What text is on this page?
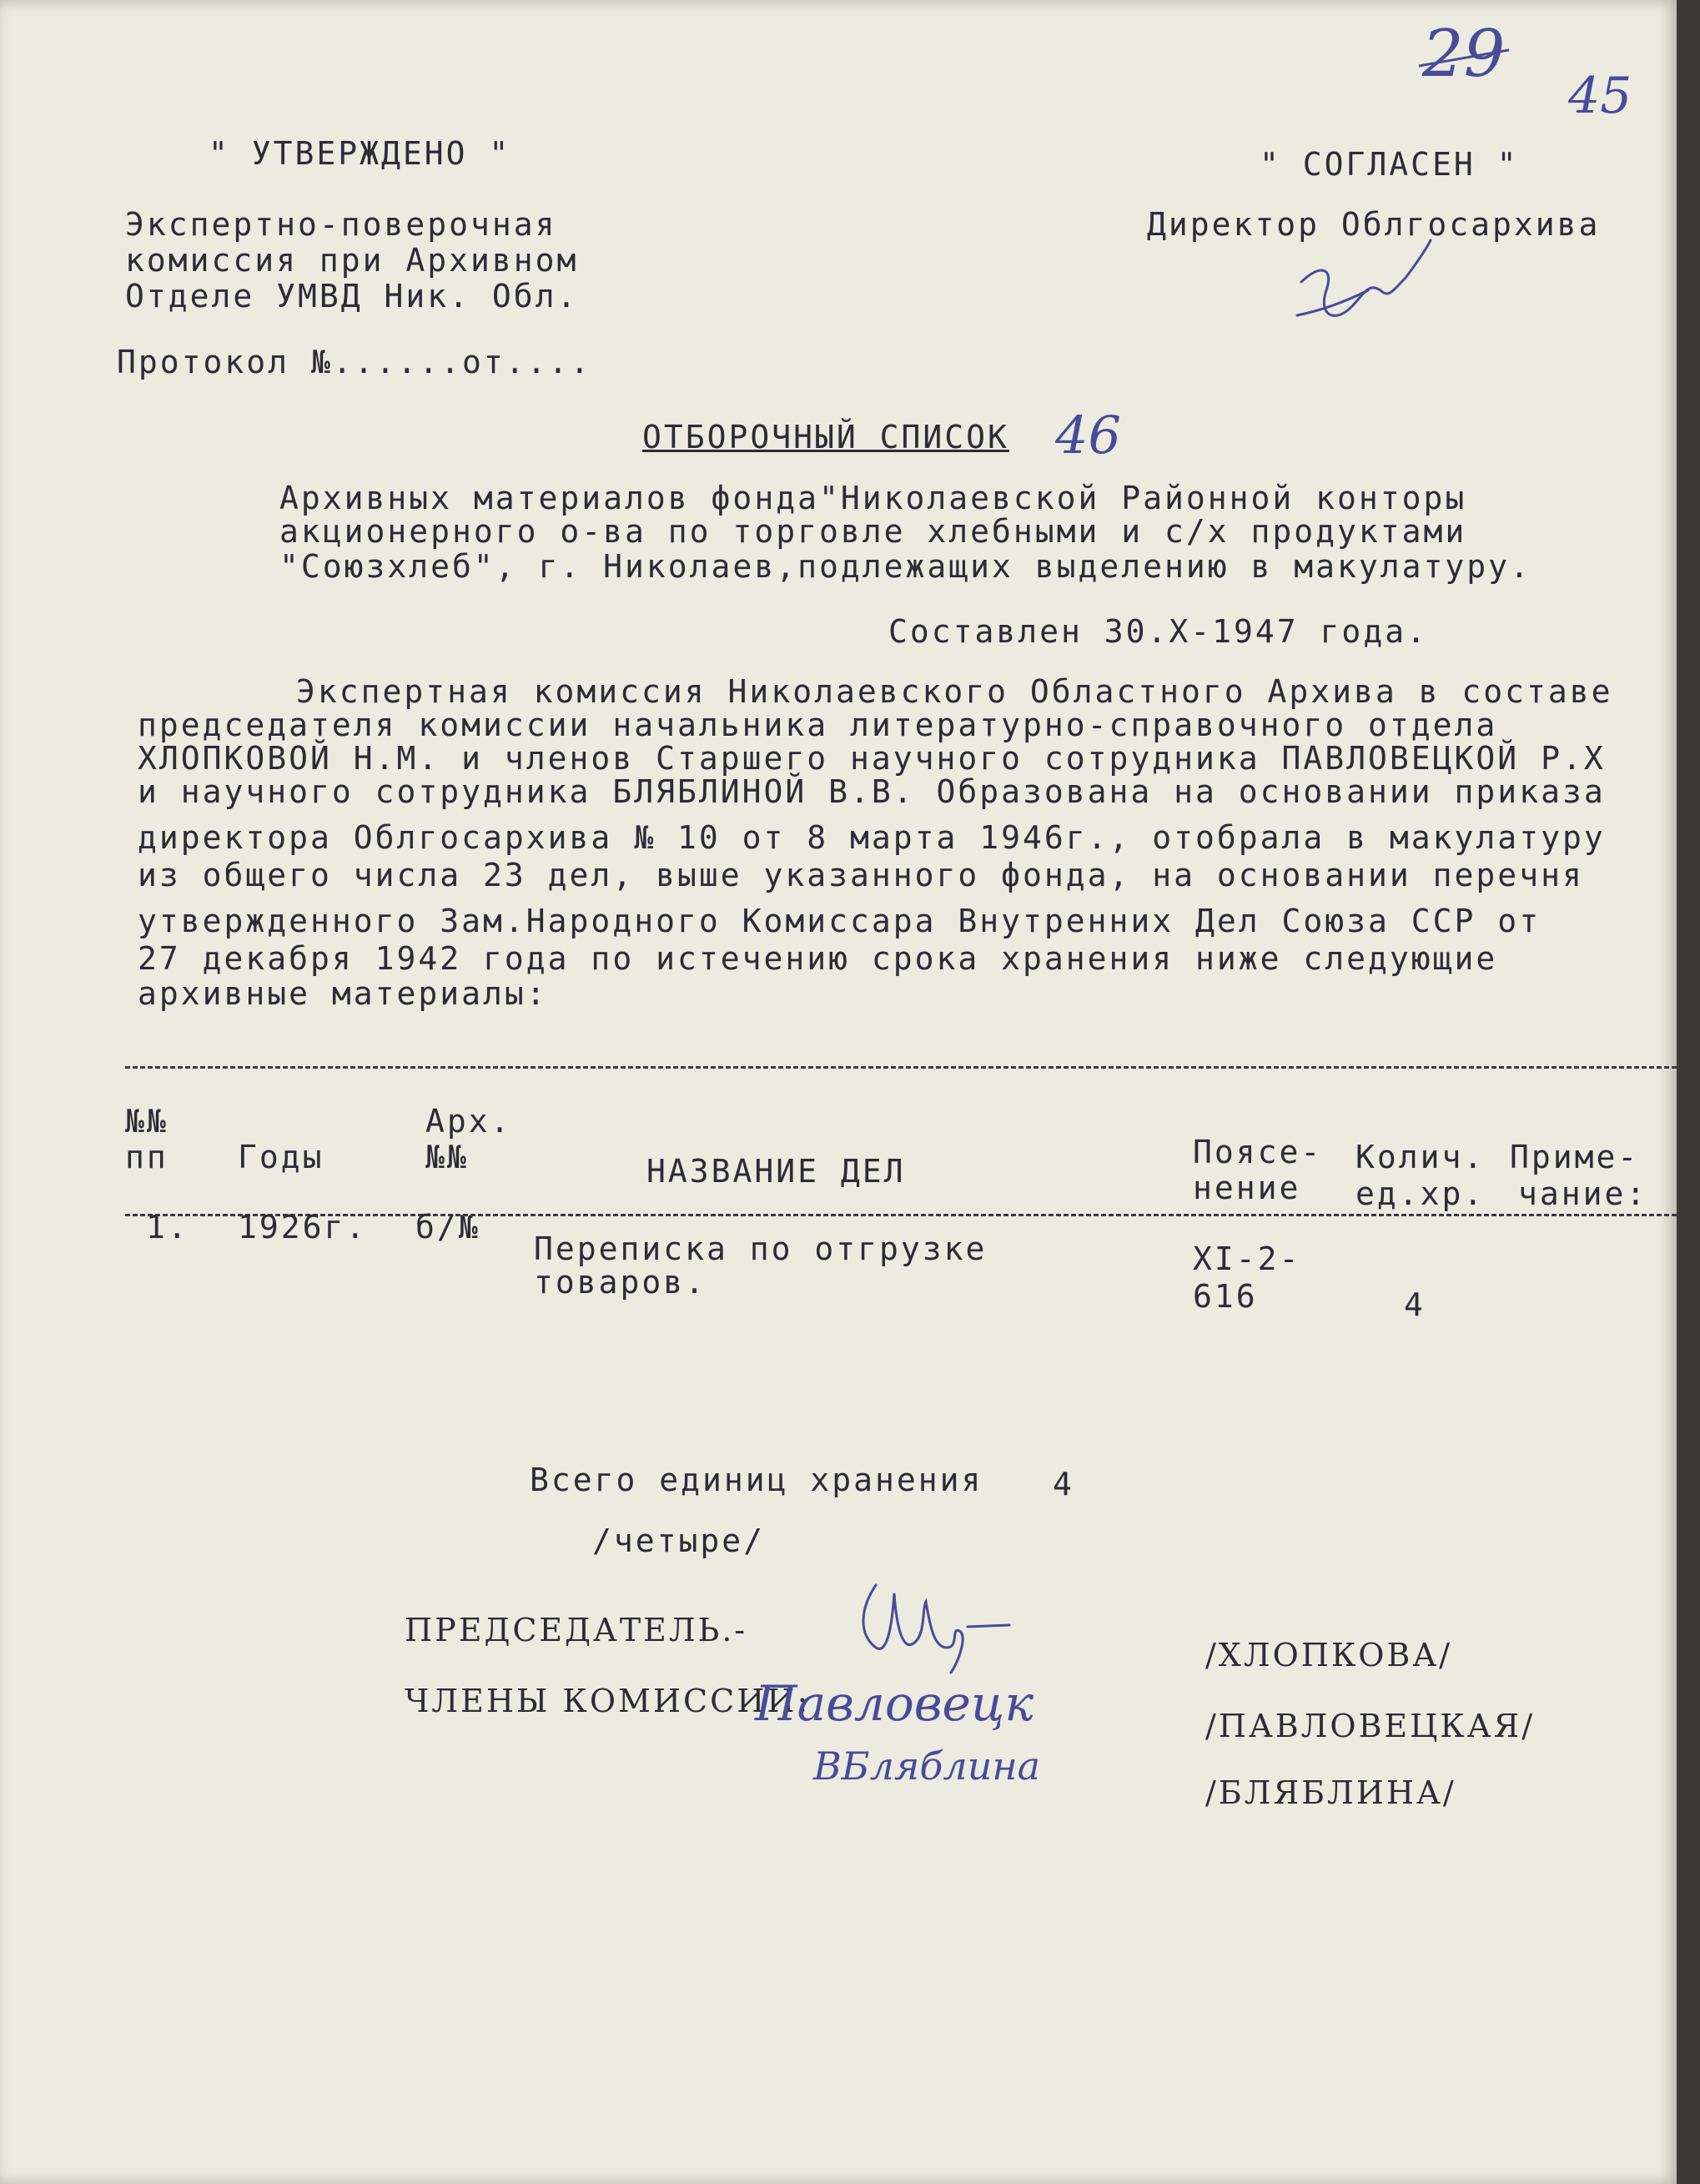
29
45
" УТВЕРЖДЕНО "
Экспертно-поверочная
комиссия при Архивном
Отделе УМВД Ник. Обл.
" СОГЛАСЕН "
Директор Облгосархива
Протокол №......от....
ОТБОРОЧНЫЙ СПИСОК 46
Архивных материалов фонда"Николаевской Районной конторы
акционерного о-ва по торговле хлебными и с/х продуктами
"Союзхлеб", г. Николаев,подлежащих выделению в макулатуру.
Составлен 30.Х-1947 года.
Экспертная комиссия Николаевского Областного Архива в составе
председателя комиссии начальника литературно-справочного отдела
ХЛОПКОВОЙ Н.М. и членов Старшего научного сотрудника ПАВЛОВЕЦКОЙ Р.Х
и научного сотрудника БЛЯБЛИНОЙ В.В. Образована на основании приказа
директора Облгосархива № 10 от 8 марта 1946г., отобрала в макулатуру
из общего числа 23 дел, выше указанного фонда, на основании перечня
утвержденного Зам.Народного Комиссара Внутренних Дел Союза ССР от
27 декабря 1942 года по истечению срока хранения ниже следующие
архивные материалы:
№№
пп Годы
Арх.
№№	НАЗВАНИЕ ДЕЛ
Поясе-
нение
Колич.
ед.хр.
Приме-
чание:
1. 1926г. б/№
Переписка по отгрузке
товаров.
XI-2-
616	4
Всего единиц хранения 4
/четыре/
ПРЕДСЕДАТЕЛЬ.-
ЧЛЕНЫ КОМИССИИ:
Павловецк
ВБляблина
/ХЛОПКОВА/
/ПАВЛОВЕЦКАЯ/
/БЛЯБЛИНА/
